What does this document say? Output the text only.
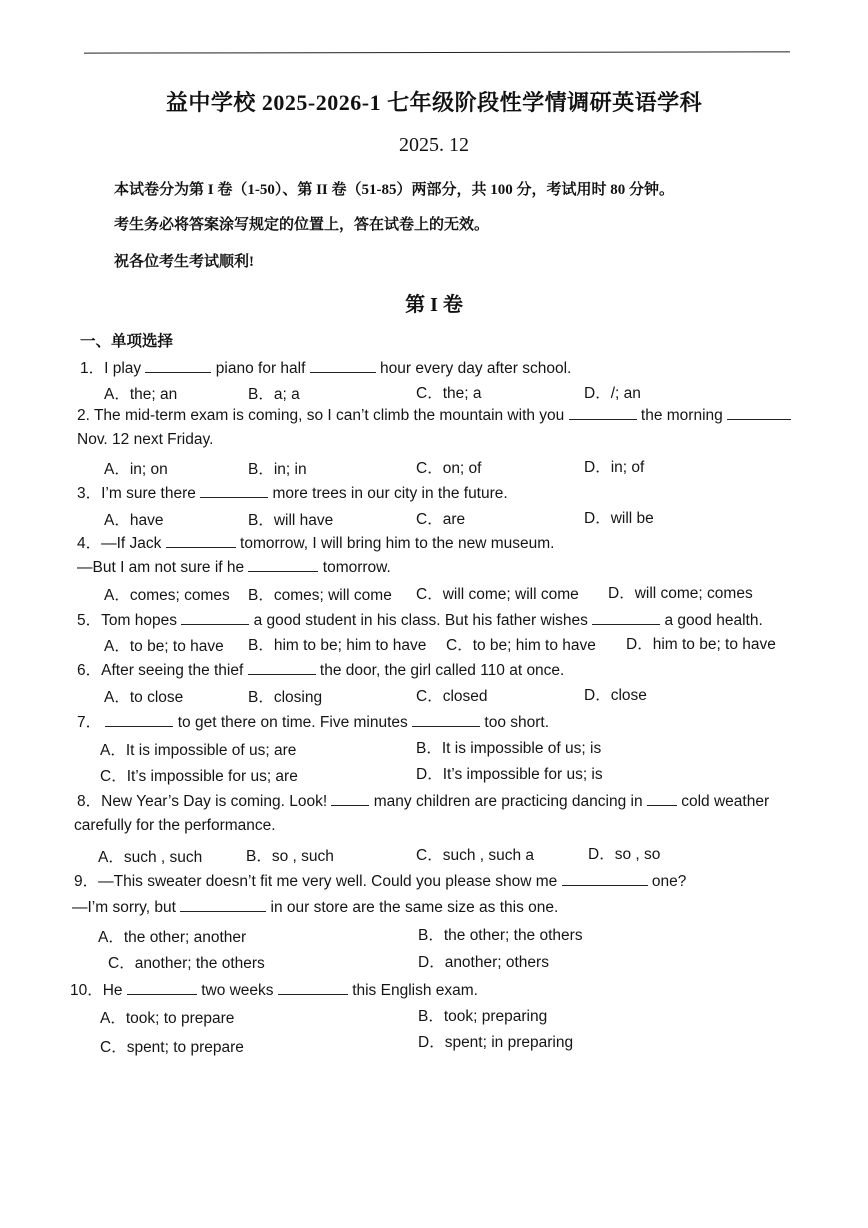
益中学校 2025-2026-1 七年级阶段性学情调研英语学科
2025. 12
本试卷分为第 I 卷（1-50）、第 II 卷（51-85）两部分，共 100 分，考试用时 80 分钟。
考生务必将答案涂写规定的位置上，答在试卷上的无效。
祝各位考生考试顺利!
第 I 卷
一、单项选择
1．I play	piano for half	hour every day after school.
A．the; an	B．a; a	C．the; a	D．/; an
2. The mid-term exam is coming, so I can’t climb the mountain with you	the morning
Nov. 12 next Friday.
A．in; on	B．in; in	C．on; of	D．in; of
3．I’m sure there	more trees in our city in the future.
A．have	B．will have	C．are	D．will be
4．—If Jack	tomorrow, I will bring him to the new museum.
—But I am not sure if he	tomorrow.
A．comes; comes B．comes; will come C．will come; will come D．will come; comes
5．Tom hopes	a good student in his class. But his father wishes	a good health.
A．to be; to have B．him to be; him to have C．to be; him to have D．him to be; to have
6．After seeing the thief	the door, the girl called 110 at once.
A．to close	B．closing	C．closed	D．close
7．	to get there on time. Five minutes	too short.
A．It is impossible of us; are	B．It is impossible of us; is
C．It’s impossible for us; are	D．It’s impossible for us; is
8．New Year’s Day is coming. Look!	many children are practicing dancing in cold weather
carefully for the performance.
A．such , such	B．so , such	C．such , such a	D．so , so
9．—This sweater doesn’t fit me very well. Could you please show me	one?
—I’m sorry, but	in our store are the same size as this one.
A．the other; another	B．the other; the others
C．another; the others	D．another; others
10．He	two weeks	this English exam.
A．took; to prepare	B．took; preparing
C．spent; to prepare	D．spent; in preparing
